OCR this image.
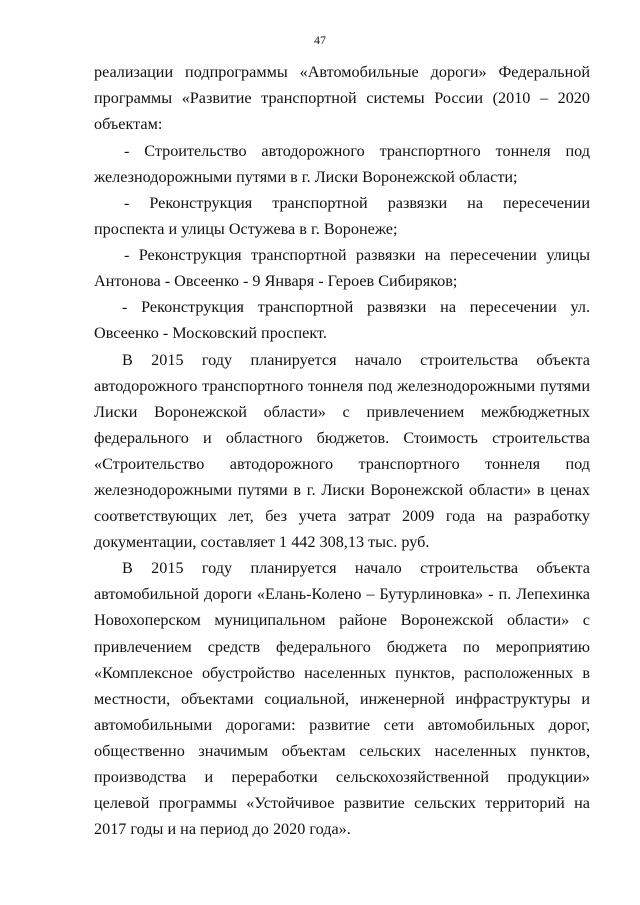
47
реализации подпрограммы «Автомобильные дороги» Федеральной
программы «Развитие транспортной системы России (2010 – 2020
объектам:
- Строительство автодорожного транспортного тоннеля под
железнодорожными путями в г. Лиски Воронежской области;
- Реконструкция транспортной развязки на пересечении
проспекта и улицы Остужева в г. Воронеже;
- Реконструкция транспортной развязки на пересечении улицы
Антонова - Овсеенко - 9 Января - Героев Сибиряков;
- Реконструкция транспортной развязки на пересечении ул.
Овсеенко - Московский проспект.
В 2015 году планируется начало строительства объекта
автодорожного транспортного тоннеля под железнодорожными путями
Лиски Воронежской области» с привлечением межбюджетных
федерального и областного бюджетов. Стоимость строительства
«Строительство автодорожного транспортного тоннеля под
железнодорожными путями в г. Лиски Воронежской области» в ценах
соответствующих лет, без учета затрат 2009 года на разработку
документации, составляет 1 442 308,13 тыс. руб.
В 2015 году планируется начало строительства объекта
автомобильной дороги «Елань-Колено – Бутурлиновка» - п. Лепехинка
Новохоперском муниципальном районе Воронежской области» с
привлечением средств федерального бюджета по мероприятию
«Комплексное обустройство населенных пунктов, расположенных в
местности, объектами социальной, инженерной инфраструктуры и
автомобильными дорогами: развитие сети автомобильных дорог,
общественно значимым объектам сельских населенных пунктов,
производства и переработки сельскохозяйственной продукции»
целевой программы «Устойчивое развитие сельских территорий на
2017 годы и на период до 2020 года».
